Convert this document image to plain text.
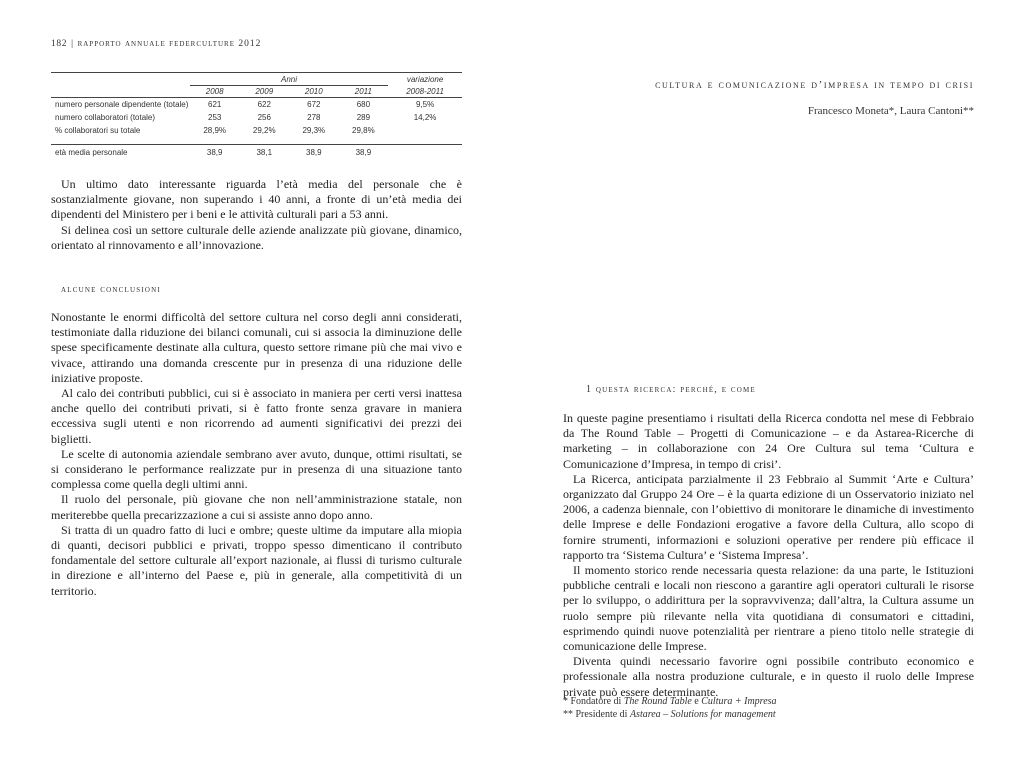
182 | rapporto annuale federculture 2012

	Anni				variazione
	2008	2009	2010	2011	2008-2011
numero personale dipendente (totale)	621	622	672	680	9,5%
numero collaboratori (totale)	253	256	278	289	14,2%
% collaboratori su totale	28,9%	29,2%	29,3%	29,8%	

età media personale	38,9	38,1	38,9	38,9	

Un ultimo dato interessante riguarda l’età media del personale che è sostanzialmente giovane, non superando i 40 anni, a fronte di un’età media dei dipendenti del Ministero per i beni e le attività culturali pari a 53 anni.

Si delinea così un settore culturale delle aziende analizzate più giovane, dinamico, orientato al rinnovamento e all’innovazione.

alcune conclusioni

Nonostante le enormi difficoltà del settore cultura nel corso degli anni considerati, testimoniate dalla riduzione dei bilanci comunali, cui si associa la diminuzione delle spese specificamente destinate alla cultura, questo settore rimane più che mai vivo e vivace, attirando una domanda crescente pur in presenza di una riduzione delle iniziative proposte.

Al calo dei contributi pubblici, cui si è associato in maniera per certi versi inattesa anche quello dei contributi privati, si è fatto fronte senza gravare in maniera eccessiva sugli utenti e non ricorrendo ad aumenti significativi dei prezzi dei biglietti.

Le scelte di autonomia aziendale sembrano aver avuto, dunque, ottimi risultati, se si considerano le performance realizzate pur in presenza di una situazione tanto complessa come quella degli ultimi anni.

Il ruolo del personale, più giovane che non nell’amministrazione statale, non meriterebbe quella precarizzazione a cui si assiste anno dopo anno.

Si tratta di un quadro fatto di luci e ombre; queste ultime da imputare alla miopia di quanti, decisori pubblici e privati, troppo spesso dimenticano il contributo fondamentale del settore culturale all’export nazionale, ai flussi di turismo culturale in direzione e all’interno del Paese e, più in generale, alla competitività di un territorio.

cultura e comunicazione d’impresa in tempo di crisi
Francesco Moneta*, Laura Cantoni**
1 questa ricerca: perché, e come

In queste pagine presentiamo i risultati della Ricerca condotta nel mese di Febbraio da The Round Table – Progetti di Comunicazione – e da Astarea-Ricerche di marketing – in collaborazione con 24 Ore Cultura sul tema ‘Cultura e Comunicazione d’Impresa, in tempo di crisi’.

La Ricerca, anticipata parzialmente il 23 Febbraio al Summit ‘Arte e Cultura’ organizzato dal Gruppo 24 Ore – è la quarta edizione di un Osservatorio iniziato nel 2006, a cadenza biennale, con l’obiettivo di monitorare le dinamiche di investimento delle Imprese e delle Fondazioni erogative a favore della Cultura, allo scopo di fornire strumenti, informazioni e soluzioni operative per rendere più efficace il rapporto tra ‘Sistema Cultura’ e ‘Sistema Impresa’.

Il momento storico rende necessaria questa relazione: da una parte, le Istituzioni pubbliche centrali e locali non riescono a garantire agli operatori culturali le risorse per lo sviluppo, o addirittura per la sopravvivenza; dall’altra, la Cultura assume un ruolo sempre più rilevante nella vita quotidiana di consumatori e cittadini, esprimendo quindi nuove potenzialità per rientrare a pieno titolo nelle strategie di comunicazione delle Imprese.

Diventa quindi necessario favorire ogni possibile contributo economico e professionale alla nostra produzione culturale, e in questo il ruolo delle Imprese private può essere determinante.

* Fondatore di The Round Table e Cultura + Impresa
** Presidente di Astarea – Solutions for management
